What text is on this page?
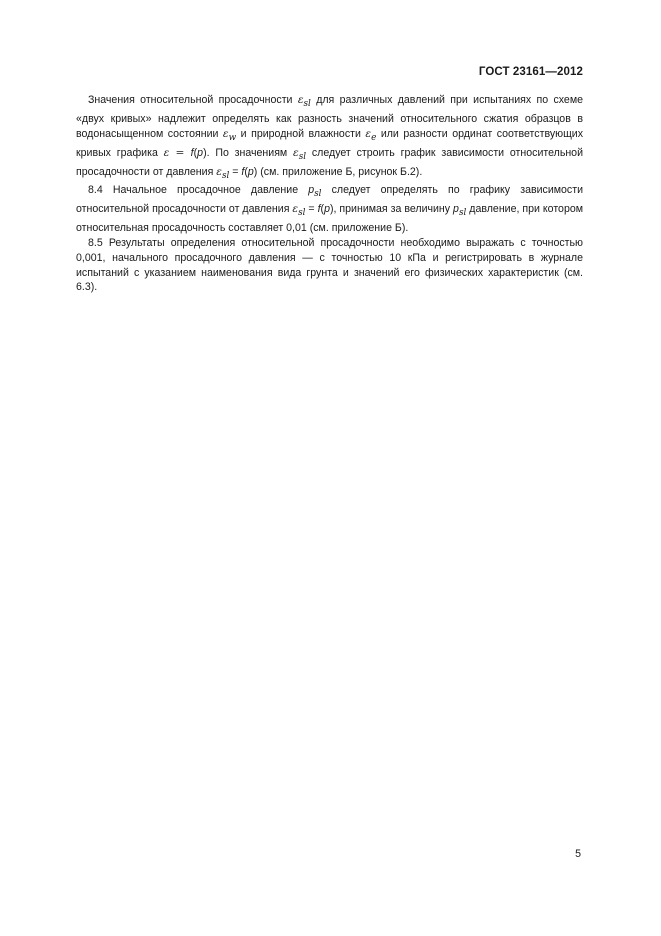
ГОСТ 23161—2012

Значения относительной просадочности $\varepsilon_{sl}$ для различных давлений при испытаниях по схеме «двух кривых» надлежит определять как разность значений относительного сжатия образцов в водонасыщенном состоянии $\varepsilon_w$ и природной влажности $\varepsilon_e$ или разности ординат соответствующих кривых графика ε = f(p). По значениям $\varepsilon_{sl}$ следует строить график зависимости относительной просадочности от давления $\varepsilon_{sl} = f(p)$ (см. приложение Б, рисунок Б.2).

8.4 Начальное просадочное давление $p_{sl}$ следует определять по графику зависимости относительной просадочности от давления $\varepsilon_{sl} = f(p)$, принимая за величину $p_{sl}$ давление, при котором относительная просадочность составляет 0,01 (см. приложение Б).

8.5 Результаты определения относительной просадочности необходимо выражать с точностью 0,001, начального просадочного давления — с точностью 10 кПа и регистрировать в журнале испытаний с указанием наименования вида грунта и значений его физических характеристик (см. 6.3).

5
